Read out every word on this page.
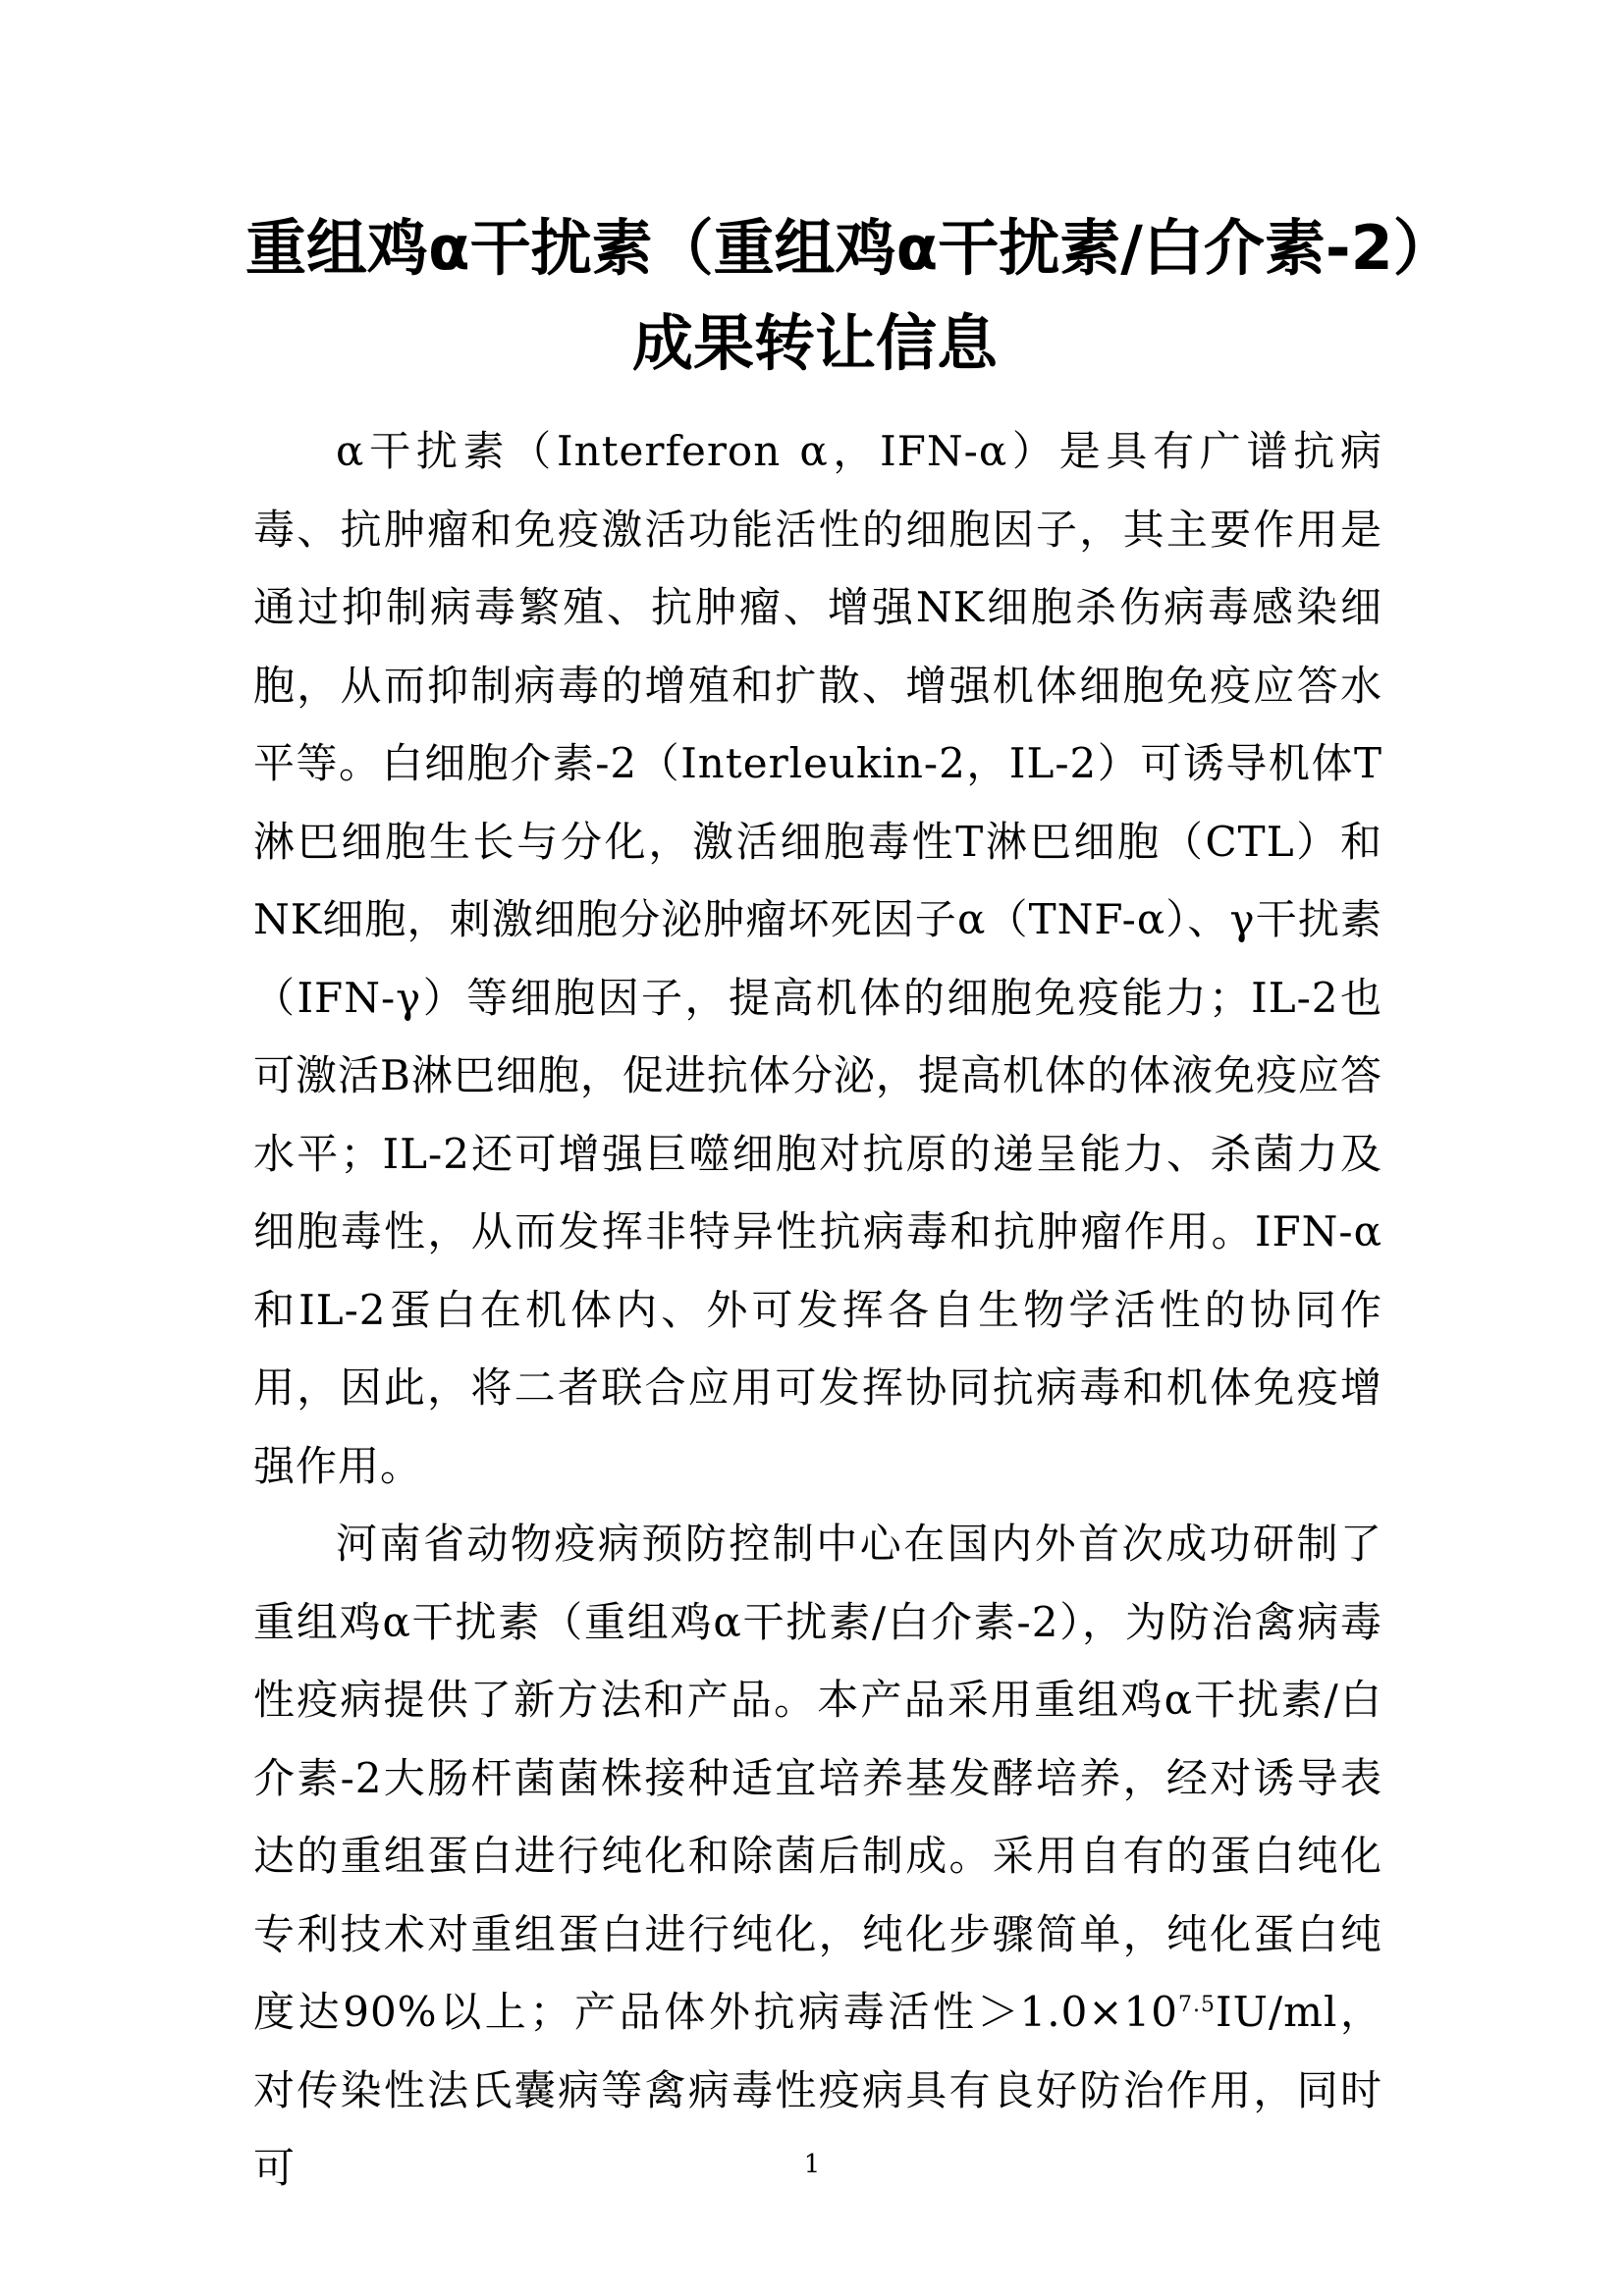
重组鸡α干扰素（重组鸡α干扰素/白介素-2）
成果转让信息

α干扰素（Interferon α，IFN-α）是具有广谱抗病毒、抗肿瘤和免疫激活功能活性的细胞因子，其主要作用是通过抑制病毒繁殖、抗肿瘤、增强NK细胞杀伤病毒感染细胞，从而抑制病毒的增殖和扩散、增强机体细胞免疫应答水平等。白细胞介素-2（Interleukin-2，IL-2）可诱导机体T淋巴细胞生长与分化，激活细胞毒性T淋巴细胞（CTL）和NK细胞，刺激细胞分泌肿瘤坏死因子α（TNF-α）、γ干扰素（IFN-γ）等细胞因子，提高机体的细胞免疫能力；IL-2也可激活B淋巴细胞，促进抗体分泌，提高机体的体液免疫应答水平；IL-2还可增强巨噬细胞对抗原的递呈能力、杀菌力及细胞毒性，从而发挥非特异性抗病毒和抗肿瘤作用。IFN-α和IL-2蛋白在机体内、外可发挥各自生物学活性的协同作用，因此，将二者联合应用可发挥协同抗病毒和机体免疫增强作用。

河南省动物疫病预防控制中心在国内外首次成功研制了重组鸡α干扰素（重组鸡α干扰素/白介素-2），为防治禽病毒性疫病提供了新方法和产品。本产品采用重组鸡α干扰素/白介素-2大肠杆菌菌株接种适宜培养基发酵培养，经对诱导表达的重组蛋白进行纯化和除菌后制成。采用自有的蛋白纯化专利技术对重组蛋白进行纯化，纯化步骤简单，纯化蛋白纯度达90%以上；产品体外抗病毒活性$>1.0\times 10^{7.5}IU/ml$，对传染性法氏囊病等禽病毒性疫病具有良好防治作用，同时可	1
